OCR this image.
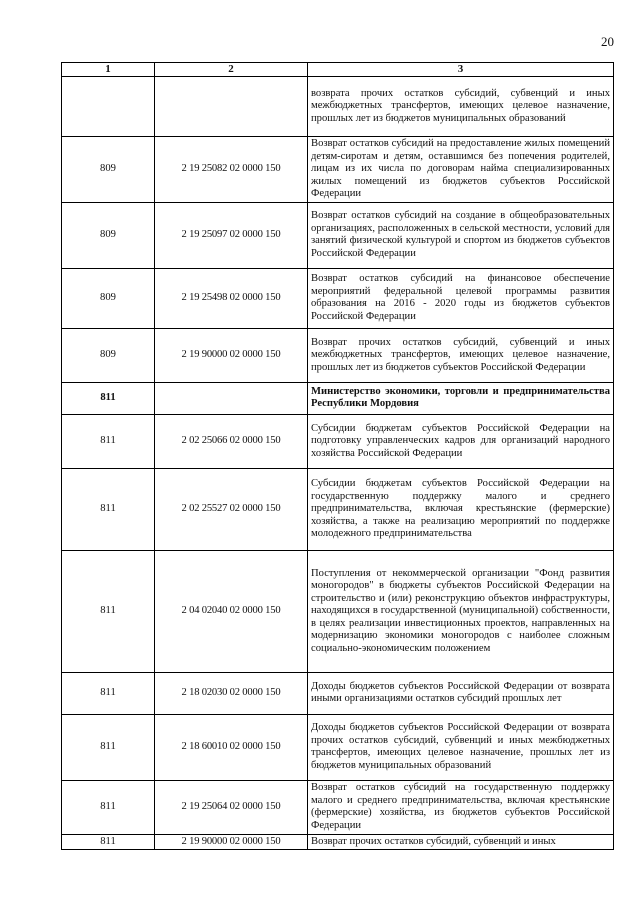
20
1	2	3
		возврата прочих остатков субсидий, субвенций и иных межбюджетных трансфертов, имеющих целевое назначение, прошлых лет из бюджетов муниципальных образований
809	2 19 25082 02 0000 150	Возврат остатков субсидий на предоставление жилых помещений детям-сиротам и детям, оставшимся без попечения родителей, лицам из их числа по договорам найма специализированных жилых помещений из бюджетов субъектов Российской Федерации
809	2 19 25097 02 0000 150	Возврат остатков субсидий на создание в общеобразовательных организациях, расположенных в сельской местности, условий для занятий физической культурой и спортом из бюджетов субъектов Российской Федерации
809	2 19 25498 02 0000 150	Возврат остатков субсидий на финансовое обеспечение мероприятий федеральной целевой программы развития образования на 2016 - 2020 годы из бюджетов субъектов Российской Федерации
809	2 19 90000 02 0000 150	Возврат прочих остатков субсидий, субвенций и иных межбюджетных трансфертов, имеющих целевое назначение, прошлых лет из бюджетов субъектов Российской Федерации
811		Министерство экономики, торговли и предпринимательства Республики Мордовия
811	2 02 25066 02 0000 150	Субсидии бюджетам субъектов Российской Федерации на подготовку управленческих кадров для организаций народного хозяйства Российской Федерации
811	2 02 25527 02 0000 150	Субсидии бюджетам субъектов Российской Федерации на государственную поддержку малого и среднего предпринимательства, включая крестьянские (фермерские) хозяйства, а также на реализацию мероприятий по поддержке молодежного предпринимательства
811	2 04 02040 02 0000 150	Поступления от некоммерческой организации "Фонд развития моногородов" в бюджеты субъектов Российской Федерации на строительство и (или) реконструкцию объектов инфраструктуры, находящихся в государственной (муниципальной) собственности, в целях реализации инвестиционных проектов, направленных на модернизацию экономики моногородов с наиболее сложным социально-экономическим положением
811	2 18 02030 02 0000 150	Доходы бюджетов субъектов Российской Федерации от возврата иными организациями остатков субсидий прошлых лет
811	2 18 60010 02 0000 150	Доходы бюджетов субъектов Российской Федерации от возврата прочих остатков субсидий, субвенций и иных межбюджетных трансфертов, имеющих целевое назначение, прошлых лет из бюджетов муниципальных образований
811	2 19 25064 02 0000 150	Возврат остатков субсидий на государственную поддержку малого и среднего предпринимательства, включая крестьянские (фермерские) хозяйства, из бюджетов субъектов Российской Федерации
811	2 19 90000 02 0000 150	Возврат прочих остатков субсидий, субвенций и иных
